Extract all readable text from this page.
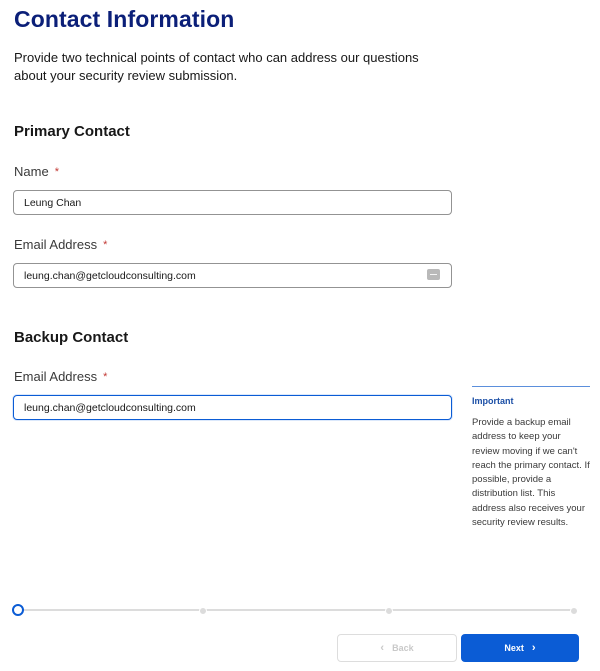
Contact Information

Provide two technical points of contact who can address our questions about your security review submission.

Primary Contact
Name *
Leung Chan
Email Address *
leung.chan@getcloudconsulting.com
Backup Contact
Email Address *
leung.chan@getcloudconsulting.com
Important
Provide a backup email address to keep your review moving if we can't reach the primary contact. If possible, provide a distribution list. This address also receives your security review results.
‹ Back	Next ›
